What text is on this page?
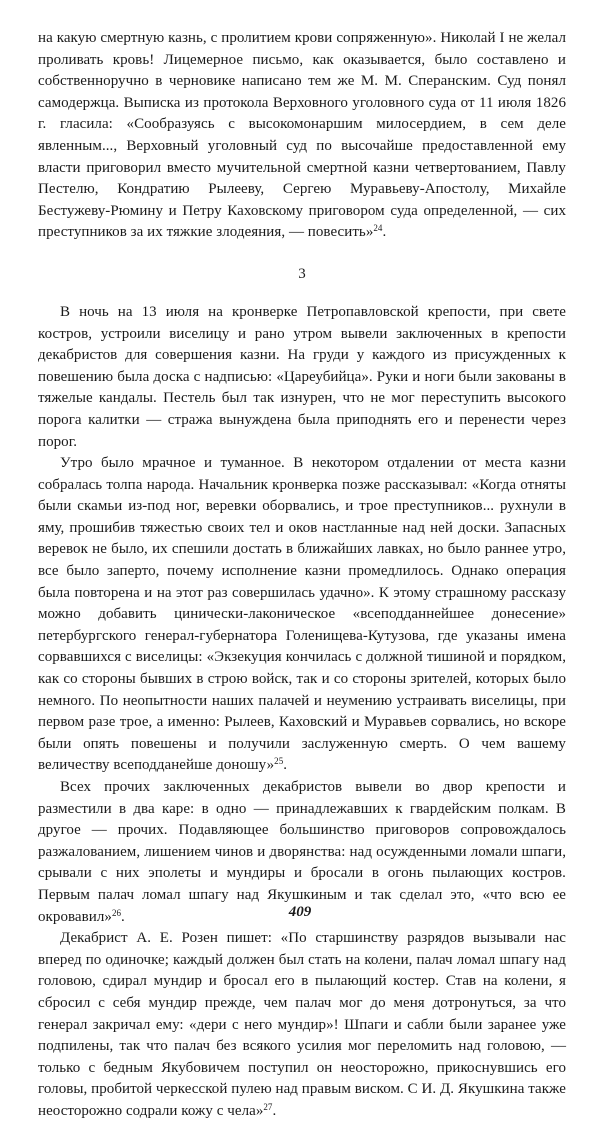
на какую смертную казнь, с пролитием крови сопряженную». Николай I не желал проливать кровь! Лицемерное письмо, как оказывается, было составлено и собственноручно в черновике написано тем же М. М. Сперанским. Суд понял самодержца. Выписка из протокола Верховного уголовного суда от 11 июля 1826 г. гласила: «Сообразуясь с высокомонаршим милосердием, в сем деле явленным..., Верховный уголовный суд по высочайше предоставленной ему власти приговорил вместо мучительной смертной казни четвертованием, Павлу Пестелю, Кондратию Рылееву, Сергею Муравьеву-Апостолу, Михайле Бестужеву-Рюмину и Петру Каховскому приговором суда определенной, — сих преступников за их тяжкие злодеяния, — повесить»$^{24}$.

3

В ночь на 13 июля на кронверке Петропавловской крепости, при свете костров, устроили виселицу и рано утром вывели заключенных в крепости декабристов для совершения казни. На груди у каждого из присужденных к повешению была доска с надписью: «Цареубийца». Руки и ноги были закованы в тяжелые кандалы. Пестель был так изнурен, что не мог переступить высокого порога калитки — стража вынуждена была приподнять его и перенести через порог.

Утро было мрачное и туманное. В некотором отдалении от места казни собралась толпа народа. Начальник кронверка позже рассказывал: «Когда отняты были скамьи из-под ног, веревки оборвались, и трое преступников... рухнули в яму, прошибив тяжестью своих тел и оков настланные над ней доски. Запасных веревок не было, их спешили достать в ближайших лавках, но было раннее утро, все было заперто, почему исполнение казни промедлилось. Однако операция была повторена и на этот раз совершилась удачно». К этому страшному рассказу можно добавить цинически-лаконическое «всеподданнейшее донесение» петербургского генерал-губернатора Голенищева-Кутузова, где указаны имена сорвавшихся с виселицы: «Экзекуция кончилась с должной тишиной и порядком, как со стороны бывших в строю войск, так и со стороны зрителей, которых было немного. По неопытности наших палачей и неумению устраивать виселицы, при первом разе трое, а именно: Рылеев, Каховский и Муравьев сорвались, но вскоре были опять повешены и получили заслуженную смерть. О чем вашему величеству всеподданейше доношу»$^{25}$.

Всех прочих заключенных декабристов вывели во двор крепости и разместили в два каре: в одно — принадлежавших к гвардейским полкам. В другое — прочих. Подавляющее большинство приговоров сопровождалось разжалованием, лишением чинов и дворянства: над осужденными ломали шпаги, срывали с них эполеты и мундиры и бросали в огонь пылающих костров. Первым палач ломал шпагу над Якушкиным и так сделал это, «что всю ее окровавил»$^{26}$.

Декабрист А. Е. Розен пишет: «По старшинству разрядов вызывали нас вперед по одиночке; каждый должен был стать на колени, палач ломал шпагу над головою, сдирал мундир и бросал его в пылающий костер. Став на колени, я сбросил с себя мундир прежде, чем палач мог до меня дотронуться, за что генерал закричал ему: «дери с него мундир»! Шпаги и сабли были заранее уже подпилены, так что палач без всякого усилия мог переломить над головою, — только с бедным Якубовичем поступил он неосторожно, прикоснувшись его головы, пробитой черкесской пулею над правым виском. С И. Д. Якушкина также неосторожно содрали кожу с чела»$^{27}$.

409
